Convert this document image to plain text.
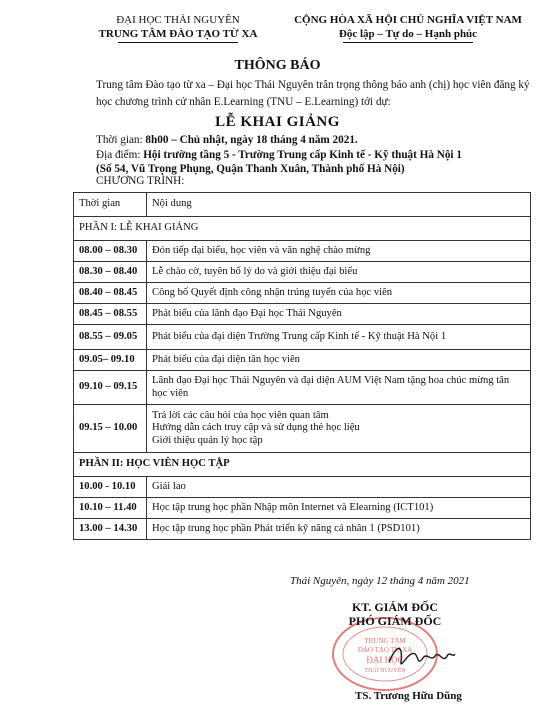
ĐẠI HỌC THÁI NGUYÊN
TRUNG TÂM ĐÀO TẠO TỪ XA
CỘNG HÒA XÃ HỘI CHỦ NGHĨA VIỆT NAM
Độc lập – Tự do – Hạnh phúc
THÔNG BÁO
Trung tâm Đào tạo từ xa – Đại học Thái Nguyên trân trọng thông báo anh (chị) học viên đăng ký học chương trình cử nhân E.Learning (TNU – E.Learning) tới dự:
LỄ KHAI GIẢNG
Thời gian: 8h00 – Chủ nhật, ngày 18 tháng 4 năm 2021.
Địa điểm: Hội trường tầng 5 - Trường Trung cấp Kinh tế - Kỹ thuật Hà Nội 1
(Số 54, Vũ Trọng Phụng, Quận Thanh Xuân, Thành phố Hà Nội)
CHƯƠNG TRÌNH:
Thời gian	Nội dung
PHẦN I: LỄ KHAI GIẢNG	
08.00 – 08.30	Đón tiếp đại biểu, học viên và văn nghệ chào mừng
08.30 – 08.40	Lễ chào cờ, tuyên bố lý do và giới thiệu đại biểu
08.40 – 08.45	Công bố Quyết định công nhận trúng tuyển của học viên
08.45 – 08.55	Phát biểu của lãnh đạo Đại học Thái Nguyên
08.55 – 09.05	Phát biểu của đại diện Trường Trung cấp Kinh tế - Kỹ thuật Hà Nội 1
09.05– 09.10	Phát biểu của đại diện tân học viên
09.10 – 09.15	Lãnh đạo Đại học Thái Nguyên và đại diện AUM Việt Nam tặng hoa chúc mừng tân học viên
09.15 – 10.00	Trả lời các câu hỏi của học viên quan tâm
Hướng dẫn cách truy cập và sử dụng thẻ học liệu
Giới thiệu quản lý học tập

PHẦN II: HỌC VIÊN HỌC TẬP	
10.00 - 10.10	Giải lao
10.10 – 11.40	Học tập trung học phần Nhập môn Internet và Elearning (ICT101)
13.00 – 14.30	Học tập trung học phần Phát triển kỹ năng cá nhân 1 (PSD101)
Thái Nguyên, ngày 12 tháng 4 năm 2021
TRUNG TÂM
ĐÀO TẠO TỪ XA
ĐẠI HỌC
THÁI NGUYÊN
KT. GIÁM ĐỐC
PHÓ GIÁM ĐỐC
TS. Trương Hữu Dũng
